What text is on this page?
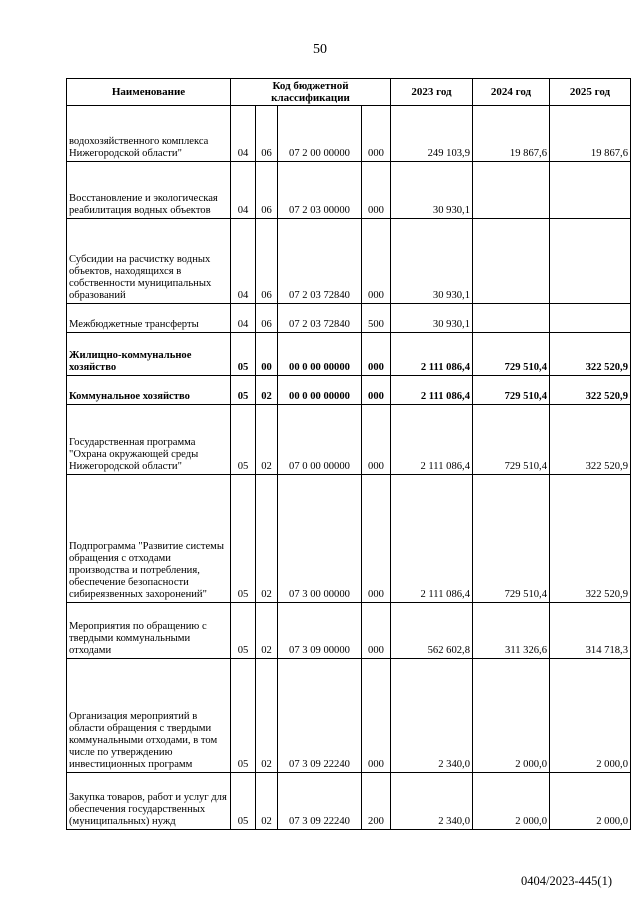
50
Наименование	Код бюджетной классификации				2023 год	2024 год	2025 год
водохозяйственного комплекса Нижегородской области"	04	06	07 2 00 00000	000	249 103,9	19 867,6	19 867,6
Восстановление и экологическая реабилитация водных объектов	04	06	07 2 03 00000	000	30 930,1		
Субсидии на расчистку водных объектов, находящихся в собственности муниципальных образований	04	06	07 2 03 72840	000	30 930,1		
Межбюджетные трансферты	04	06	07 2 03 72840	500	30 930,1		
Жилищно-коммунальное хозяйство	05	00	00 0 00 00000	000	2 111 086,4	729 510,4	322 520,9
Коммунальное хозяйство	05	02	00 0 00 00000	000	2 111 086,4	729 510,4	322 520,9
Государственная программа "Охрана окружающей среды Нижегородской области"	05	02	07 0 00 00000	000	2 111 086,4	729 510,4	322 520,9
Подпрограмма "Развитие системы обращения с отходами производства и потребления, обеспечение безопасности сибиреязвенных захоронений"	05	02	07 3 00 00000	000	2 111 086,4	729 510,4	322 520,9
Мероприятия по обращению с твердыми коммунальными отходами	05	02	07 3 09 00000	000	562 602,8	311 326,6	314 718,3
Организация мероприятий в области обращения с твердыми коммунальными отходами, в том числе по утверждению инвестиционных программ	05	02	07 3 09 22240	000	2 340,0	2 000,0	2 000,0
Закупка товаров, работ и услуг для обеспечения государственных (муниципальных) нужд	05	02	07 3 09 22240	200	2 340,0	2 000,0	2 000,0
0404/2023-445(1)
